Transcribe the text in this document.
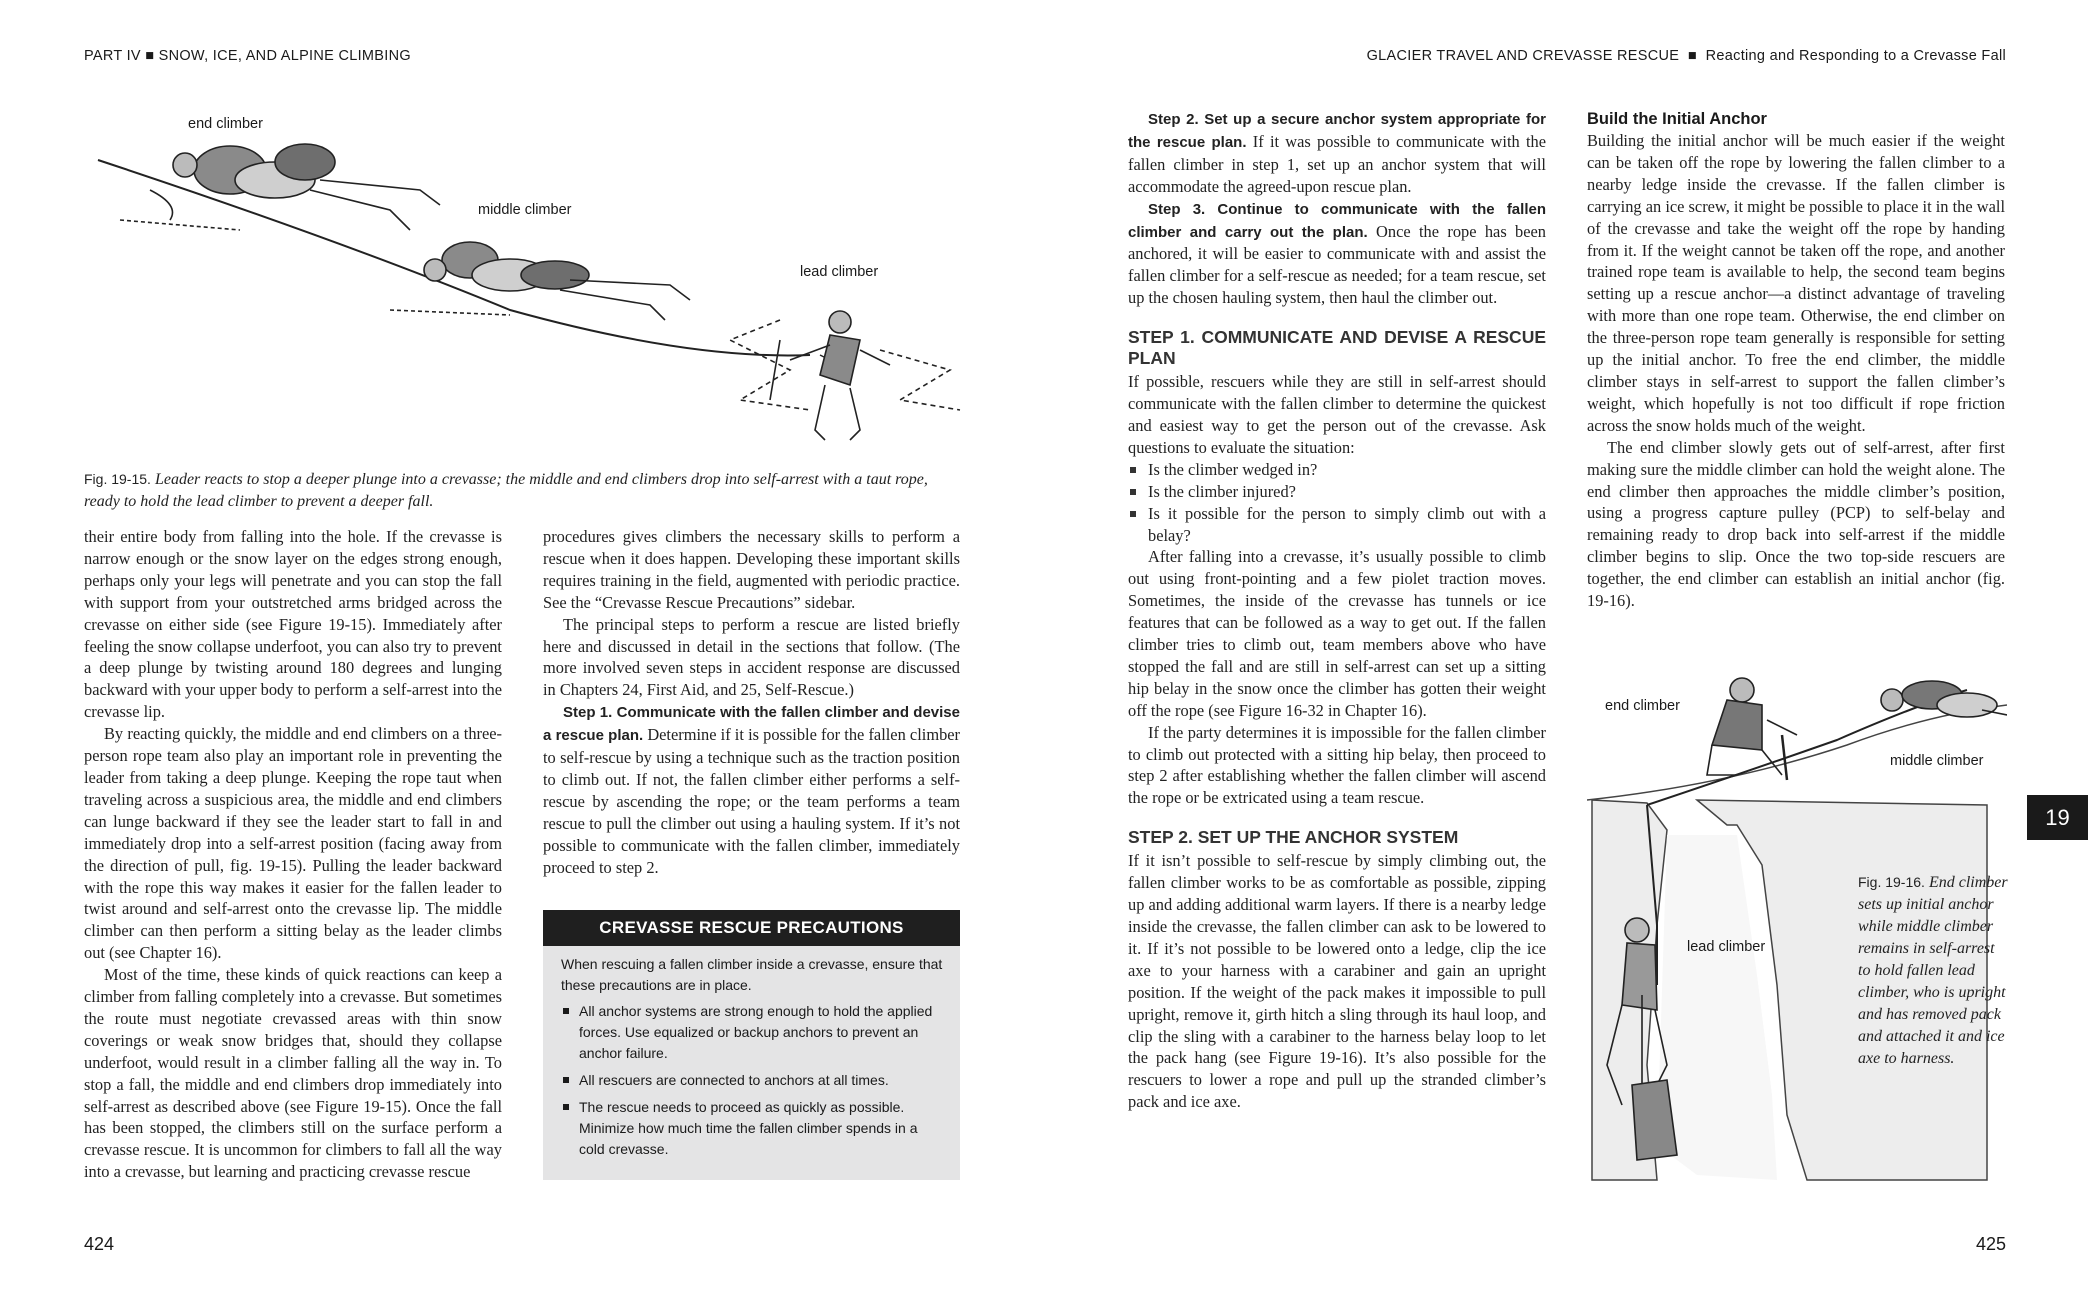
PART IV ■ SNOW, ICE, AND ALPINE CLIMBING
end climber
middle climber
lead climber
Fig. 19-15. Leader reacts to stop a deeper plunge into a crevasse; the middle and end climbers drop into self-arrest with a taut rope, ready to hold the lead climber to prevent a deeper fall.

their entire body from falling into the hole. If the crevasse is narrow enough or the snow layer on the edges strong enough, perhaps only your legs will penetrate and you can stop the fall with support from your outstretched arms bridged across the crevasse on either side (see Figure 19-15). Immediately after feeling the snow collapse underfoot, you can also try to prevent a deep plunge by twisting around 180 degrees and lunging backward with your upper body to perform a self-arrest into the crevasse lip.

By reacting quickly, the middle and end climbers on a three-person rope team also play an important role in preventing the leader from taking a deep plunge. Keeping the rope taut when traveling across a suspicious area, the middle and end climbers can lunge backward if they see the leader start to fall in and immediately drop into a self-arrest position (facing away from the direction of pull, fig. 19-15). Pulling the leader backward with the rope this way makes it easier for the fallen leader to twist around and self-arrest onto the crevasse lip. The middle climber can then perform a sitting belay as the leader climbs out (see Chapter 16).

Most of the time, these kinds of quick reactions can keep a climber from falling completely into a crevasse. But sometimes the route must negotiate crevassed areas with thin snow coverings or weak snow bridges that, should they collapse underfoot, would result in a climber falling all the way in. To stop a fall, the middle and end climbers drop immediately into self-arrest as described above (see Figure 19-15). Once the fall has been stopped, the climbers still on the surface perform a crevasse rescue. It is uncommon for climbers to fall all the way into a crevasse, but learning and practicing crevasse rescue

procedures gives climbers the necessary skills to perform a rescue when it does happen. Developing these important skills requires training in the field, augmented with periodic practice. See the “Crevasse Rescue Precautions” sidebar.

The principal steps to perform a rescue are listed briefly here and discussed in detail in the sections that follow. (The more involved seven steps in accident response are discussed in Chapters 24, First Aid, and 25, Self-Rescue.)

Step 1. Communicate with the fallen climber and devise a rescue plan. Determine if it is possible for the fallen climber to self-rescue by using a technique such as the traction position to climb out. If not, the fallen climber either performs a self-rescue by ascending the rope; or the team performs a team rescue to pull the climber out using a hauling system. If it’s not possible to communicate with the fallen climber, immediately proceed to step 2.

CREVASSE RESCUE PRECAUTIONS

When rescuing a fallen climber inside a crevasse, ensure that these precautions are in place.

All anchor systems are strong enough to hold the applied forces. Use equalized or backup anchors to prevent an anchor failure.
All rescuers are connected to anchors at all times.
The rescue needs to proceed as quickly as possible. Minimize how much time the fallen climber spends in a cold crevasse.
424
GLACIER TRAVEL AND CREVASSE RESCUE  ■  Reacting and Responding to a Crevasse Fall

Step 2. Set up a secure anchor system appropriate for the rescue plan. If it was possible to communicate with the fallen climber in step 1, set up an anchor system that will accommodate the agreed-upon rescue plan.

Step 3. Continue to communicate with the fallen climber and carry out the plan. Once the rope has been anchored, it will be easier to communicate with and assist the fallen climber for a self-rescue as needed; for a team rescue, set up the chosen hauling system, then haul the climber out.

STEP 1. COMMUNICATE AND DEVISE A RESCUE PLAN

If possible, rescuers while they are still in self-arrest should communicate with the fallen climber to determine the quickest and easiest way to get the person out of the crevasse. Ask questions to evaluate the situation:

Is the climber wedged in?
Is the climber injured?
Is it possible for the person to simply climb out with a belay?

After falling into a crevasse, it’s usually possible to climb out using front-pointing and a few piolet traction moves. Sometimes, the inside of the crevasse has tunnels or ice features that can be followed as a way to get out. If the fallen climber tries to climb out, team members above who have stopped the fall and are still in self-arrest can set up a sitting hip belay in the snow once the climber has gotten their weight off the rope (see Figure 16-32 in Chapter 16).

If the party determines it is impossible for the fallen climber to climb out protected with a sitting hip belay, then proceed to step 2 after establishing whether the fallen climber will ascend the rope or be extricated using a team rescue.

STEP 2. SET UP THE ANCHOR SYSTEM

If it isn’t possible to self-rescue by simply climbing out, the fallen climber works to be as comfortable as possible, zipping up and adding additional warm layers. If there is a nearby ledge inside the crevasse, the fallen climber can ask to be lowered to it. If it’s not possible to be lowered onto a ledge, clip the ice axe to your harness with a carabiner and gain an upright position. If the weight of the pack makes it impossible to pull upright, remove it, girth hitch a sling through its haul loop, and clip the sling with a carabiner to the harness belay loop to let the pack hang (see Figure 19-16). It’s also possible for the rescuers to lower a rope and pull up the stranded climber’s pack and ice axe.

Build the Initial Anchor

Building the initial anchor will be much easier if the weight can be taken off the rope by lowering the fallen climber to a nearby ledge inside the crevasse. If the fallen climber is carrying an ice screw, it might be possible to place it in the wall of the crevasse and take the weight off the rope by handing from it. If the weight cannot be taken off the rope, and another trained rope team is available to help, the second team begins setting up a rescue anchor—a distinct advantage of traveling with more than one rope team. Otherwise, the end climber on the three-person rope team generally is responsible for setting up the initial anchor. To free the end climber, the middle climber stays in self-arrest to support the fallen climber’s weight, which hopefully is not too difficult if rope friction across the snow holds much of the weight.

The end climber slowly gets out of self-arrest, after first making sure the middle climber can hold the weight alone. The end climber then approaches the middle climber’s position, using a progress capture pulley (PCP) to self-belay and remaining ready to drop back into self-arrest if the middle climber begins to slip. Once the two top-side rescuers are together, the end climber can establish an initial anchor (fig. 19-16).

end climber
middle climber
lead climber
Fig. 19-16. End climber sets up initial anchor while middle climber remains in self-arrest to hold fallen lead climber, who is upright and has removed pack and attached it and ice axe to harness.
19
425
